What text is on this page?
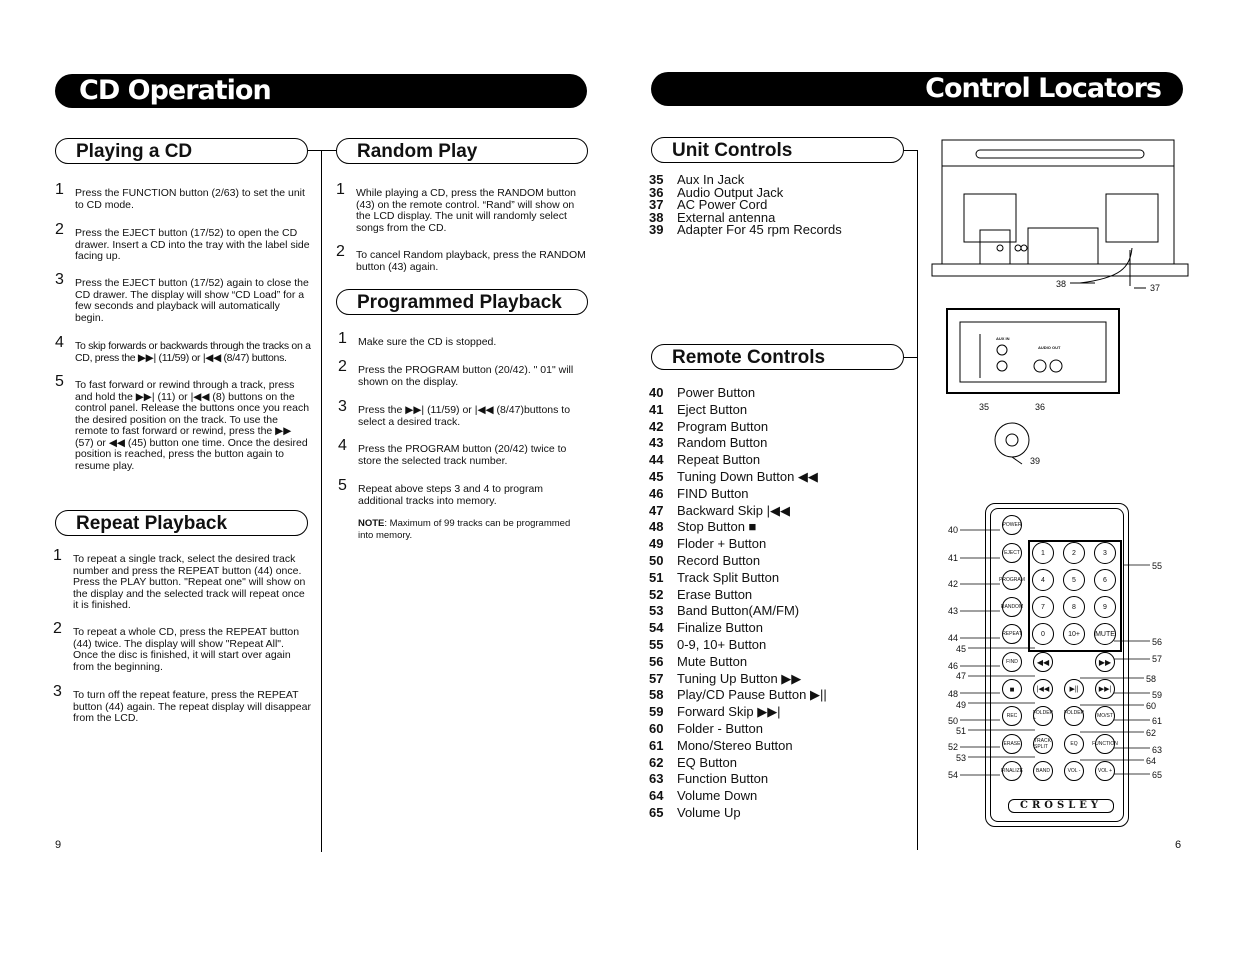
CD Operation
Playing a CD	Random Play
1 Press the FUNCTION button (2/63) to set the unit to CD mode.
2 Press the EJECT button (17/52) to open the CD drawer. Insert a CD into the tray with the label side facing up.
3 Press the EJECT button (17/52) again to close the CD drawer. The display will show “CD Load” for a few seconds and playback will automatically begin.
4 To skip forwards or backwards through the tracks on a CD, press the ▶▶| (11/59) or |◀◀ (8/47) buttons.
5 To fast forward or rewind through a track, press and hold the ▶▶| (11) or |◀◀ (8) buttons on the control panel. Release the buttons once you reach the desired position on the track. To use the remote to fast forward or rewind, press the ▶▶ (57) or ◀◀ (45) button one time. Once the desired position is reached, press the button again to resume play.
Repeat Playback
1 To repeat a single track, select the desired track number and press the REPEAT button (44) once. Press the PLAY button. "Repeat one" will show on the display and the selected track will repeat once it is finished.
2 To repeat a whole CD, press the REPEAT button (44) twice. The display will show "Repeat All". Once the disc is finished, it will start over again from the beginning.
3 To turn off the repeat feature, press the REPEAT button (44) again. The repeat display will disappear from the LCD.
1 While playing a CD, press the RANDOM button (43) on the remote control. “Rand” will show on the LCD display. The unit will randomly select songs from the CD.
2 To cancel Random playback, press the RANDOM button (43) again.
Programmed Playback
1 Make sure the CD is stopped.
2 Press the PROGRAM button (20/42). " 01" will shown on the display.
3 Press the ▶▶| (11/59) or |◀◀ (8/47)buttons to select a desired track.
4 Press the PROGRAM button (20/42) twice to store the selected track number.
5 Repeat above steps 3 and 4 to program additional tracks into memory.
NOTE: Maximum of 99 tracks can be programmed into memory.
9
Control Locators
Unit Controls
35	Aux In Jack
36	Audio Output Jack
37	AC Power Cord
38	External antenna
39	Adapter For 45 rpm Records
Remote Controls
40	Power Button
41	Eject Button
42	Program Button
43	Random Button
44	Repeat Button
45	Tuning Down Button ◀◀
46	FIND Button
47	Backward Skip |◀◀
48	Stop Button ■
49	Floder + Button
50	Record Button
51	Track Split Button
52	Erase Button
53	Band Button(AM/FM)
54	Finalize Button
55	0-9, 10+ Button
56	Mute Button
57	Tuning Up Button ▶▶
58	Play/CD Pause Button ▶||
59	Forward Skip ▶▶|
60	Folder - Button
61	Mono/Stereo Button
62	EQ Button
63	Function Button
64	Volume Down
65	Volume Up
38	37
AUX IN
AUDIO OUT
35	36
39
POWER
EJECT
PROGRAM
RANDOM
REPEAT
FIND
■
REC
ERASE
FINALIZE
1	2	3
4	5	6
7	8	9
0	10+	MUTE
◀◀	▶▶
|◀◀	▶||	▶▶|
FOLDER +
FOLDER -	MO/ST
TRACK SPLIT	EQ	FUNCTION
BAND	VOL -	VOL +
CROSLEY
40
41
42
43
44
45
46
47
48
49
50
51
52
53
54
55
56
57
58
59
60
61
62
63
64
65
6
